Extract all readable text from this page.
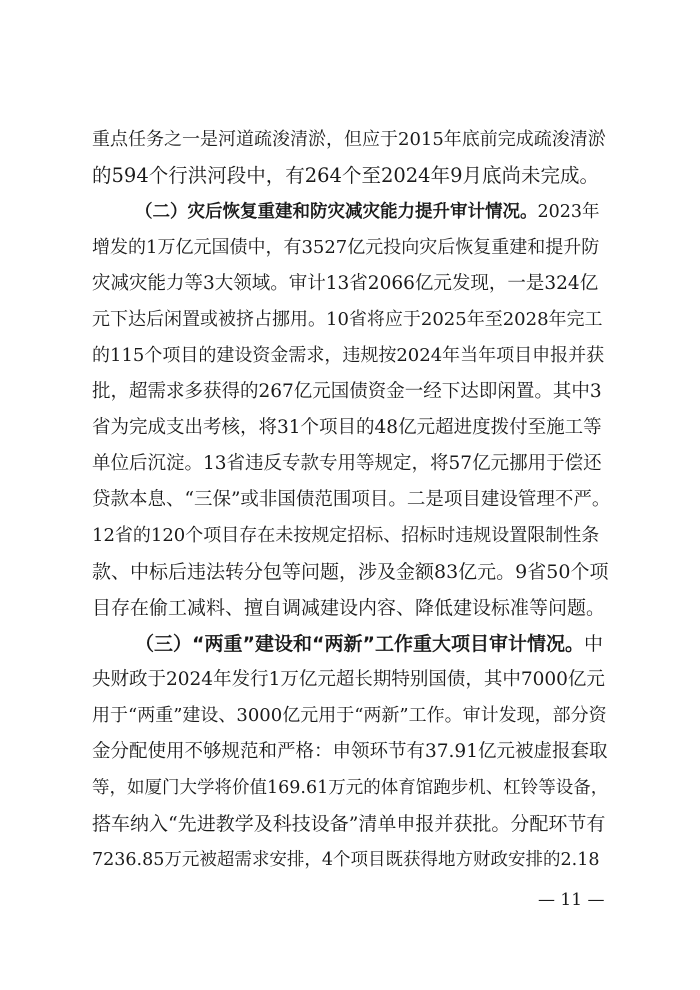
重点任务之一是河道疏浚清淤，但应于2015年底前完成疏浚清淤
的594个行洪河段中，有264个至2024年9月底尚未完成。
（二）灾后恢复重建和防灾减灾能力提升审计情况。2023年
增发的1万亿元国债中，有3527亿元投向灾后恢复重建和提升防
灾减灾能力等3大领域。审计13省2066亿元发现，一是324亿
元下达后闲置或被挤占挪用。10省将应于2025年至2028年完工
的115个项目的建设资金需求，违规按2024年当年项目申报并获
批，超需求多获得的267亿元国债资金一经下达即闲置。其中3
省为完成支出考核，将31个项目的48亿元超进度拨付至施工等
单位后沉淀。13省违反专款专用等规定，将57亿元挪用于偿还
贷款本息、“三保”或非国债范围项目。二是项目建设管理不严。
12省的120个项目存在未按规定招标、招标时违规设置限制性条
款、中标后违法转分包等问题，涉及金额83亿元。9省50个项
目存在偷工减料、擅自调减建设内容、降低建设标准等问题。
（三）“两重”建设和“两新”工作重大项目审计情况。中
央财政于2024年发行1万亿元超长期特别国债，其中7000亿元
用于“两重”建设、3000亿元用于“两新”工作。审计发现，部分资
金分配使用不够规范和严格：申领环节有37.91亿元被虚报套取
等，如厦门大学将价值169.61万元的体育馆跑步机、杠铃等设备，
搭车纳入“先进教学及科技设备”清单申报并获批。分配环节有
7236.85万元被超需求安排，4个项目既获得地方财政安排的2.18
— 11 —
